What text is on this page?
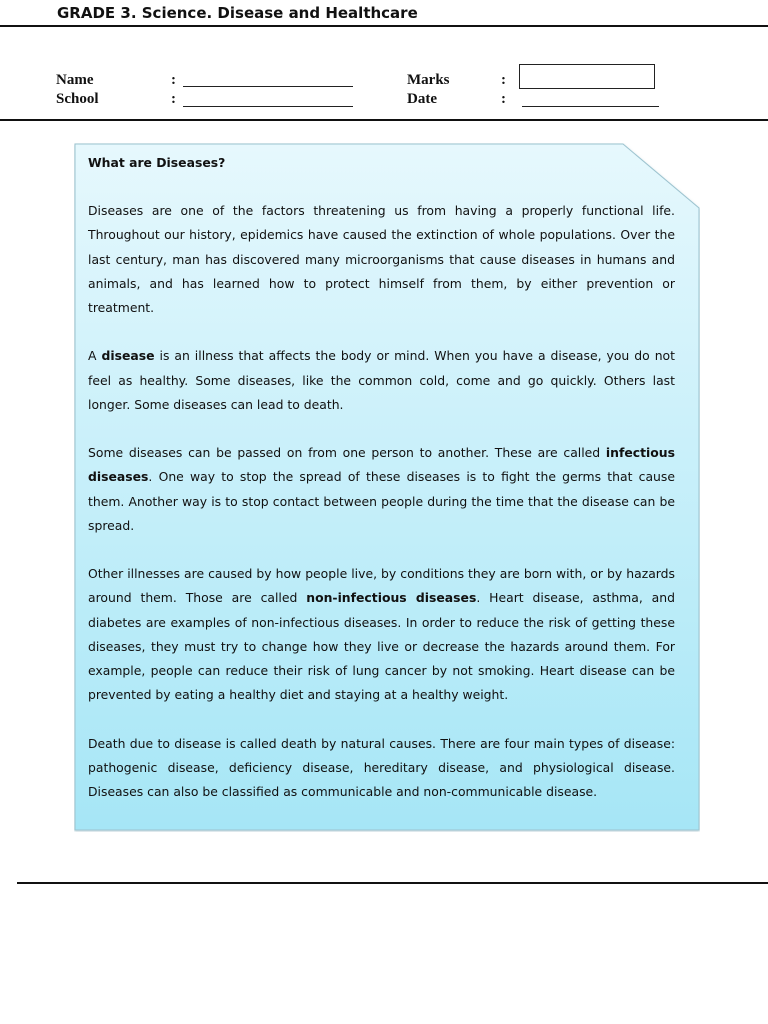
GRADE 3. Science. Disease and Healthcare
Name	:
School	:
Marks	:
Date	:
What are Diseases?

Diseases are one of the factors threatening us from having a properly functional life. Throughout our history, epidemics have caused the extinction of whole populations. Over the last century, man has discovered many microorganisms that cause diseases in humans and animals, and has learned how to protect himself from them, by either prevention or treatment.

A disease is an illness that affects the body or mind. When you have a disease, you do not feel as healthy. Some diseases, like the common cold, come and go quickly. Others last longer. Some diseases can lead to death.

Some diseases can be passed on from one person to another. These are called infectious diseases. One way to stop the spread of these diseases is to fight the germs that cause them. Another way is to stop contact between people during the time that the disease can be spread.

Other illnesses are caused by how people live, by conditions they are born with, or by hazards around them. Those are called non-infectious diseases. Heart disease, asthma, and diabetes are examples of non-infectious diseases. In order to reduce the risk of getting these diseases, they must try to change how they live or decrease the hazards around them. For example, people can reduce their risk of lung cancer by not smoking. Heart disease can be prevented by eating a healthy diet and staying at a healthy weight.

Death due to disease is called death by natural causes. There are four main types of disease: pathogenic disease, deficiency disease, hereditary disease, and physiological disease. Diseases can also be classified as communicable and non-communicable disease.
